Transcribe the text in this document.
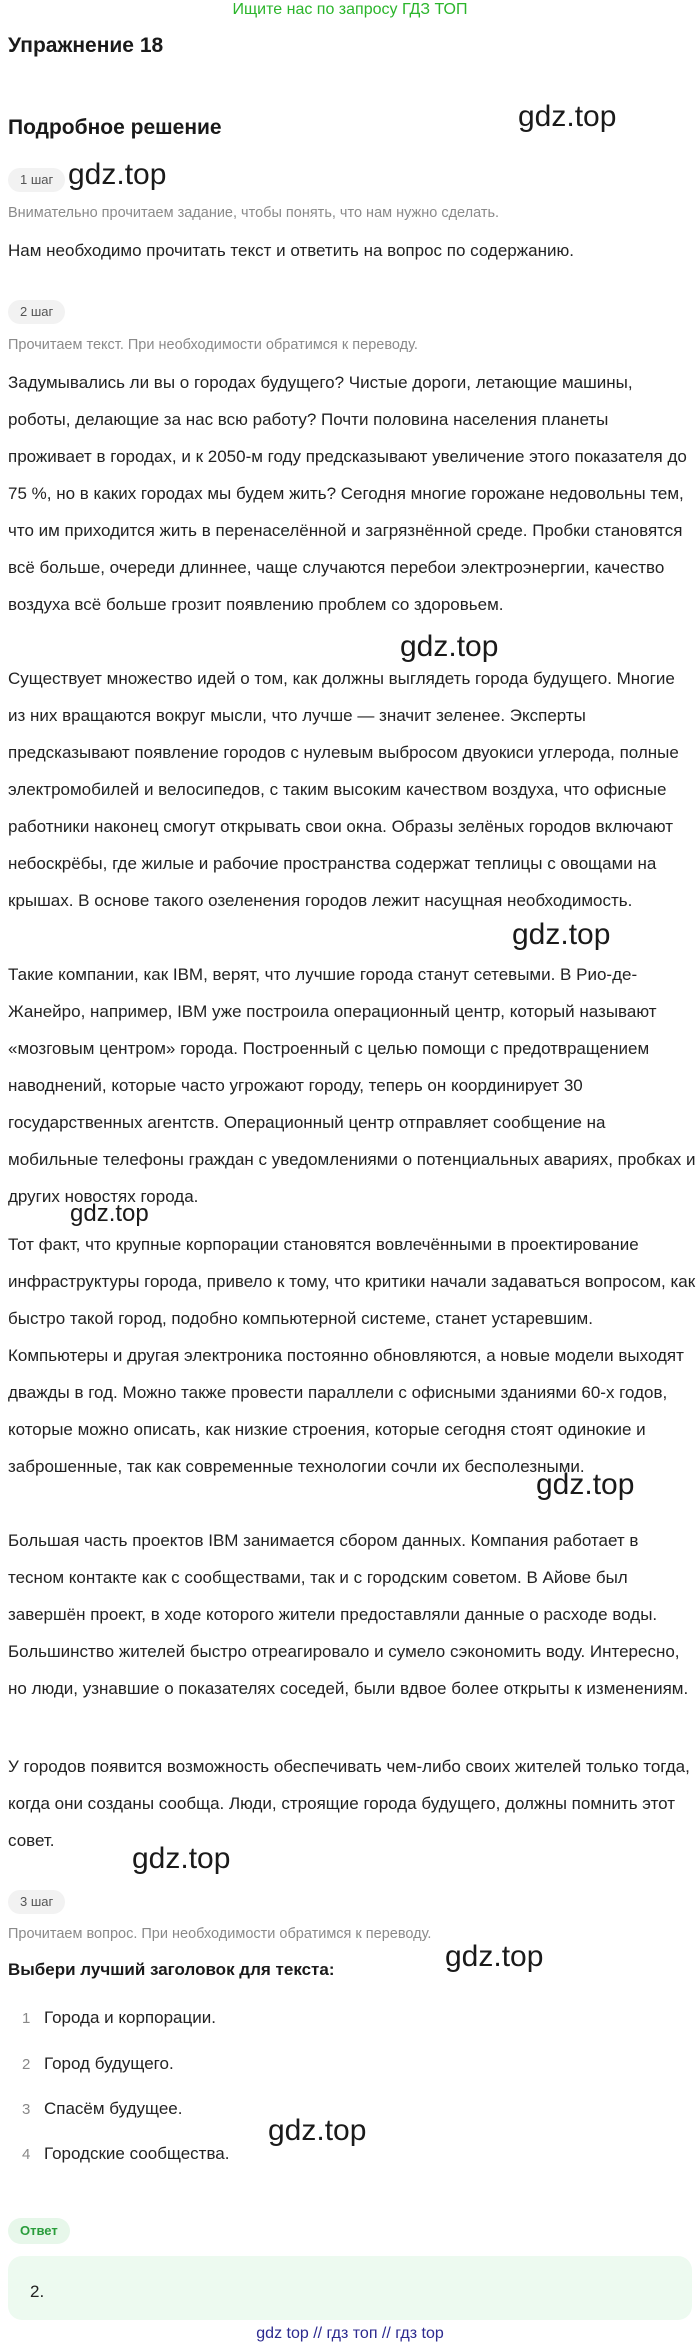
Ищите нас по запросу ГДЗ ТОП
Упражнение 18
Подробное решение	gdz.top
gdz.top
gdz.top
gdz.top
gdz.top
gdz.top
gdz.top
gdz.top
gdz.top
1 шаг
Внимательно прочитаем задание, чтобы понять, что нам нужно сделать.
Нам необходимо прочитать текст и ответить на вопрос по содержанию.
2 шаг
Прочитаем текст. При необходимости обратимся к переводу.

Задумывались ли вы о городах будущего? Чистые дороги, летающие машины, роботы, делающие за нас всю работу? Почти половина населения планеты проживает в городах, и к 2050-м году предсказывают увеличение этого показателя до 75 %, но в каких городах мы будем жить? Сегодня многие горожане недовольны тем, что им приходится жить в перенаселённой и загрязнённой среде. Пробки становятся всё больше, очереди длиннее, чаще случаются перебои электроэнергии, качество воздуха всё больше грозит появлению проблем со здоровьем.

Существует множество идей о том, как должны выглядеть города будущего. Многие из них вращаются вокруг мысли, что лучше — значит зеленее. Эксперты предсказывают появление городов с нулевым выбросом двуокиси углерода, полные электромобилей и велосипедов, с таким высоким качеством воздуха, что офисные работники наконец смогут открывать свои окна. Образы зелёных городов включают небоскрёбы, где жилые и рабочие пространства содержат теплицы с овощами на крышах. В основе такого озеленения городов лежит насущная необходимость.

Такие компании, как IBM, верят, что лучшие города станут сетевыми. В Рио-де-Жанейро, например, IBM уже построила операционный центр, который называют «мозговым центром» города. Построенный с целью помощи с предотвращением наводнений, которые часто угрожают городу, теперь он координирует 30 государственных агентств. Операционный центр отправляет сообщение на мобильные телефоны граждан с уведомлениями о потенциальных авариях, пробках и других новостях города.

Тот факт, что крупные корпорации становятся вовлечёнными в проектирование инфраструктуры города, привело к тому, что критики начали задаваться вопросом, как быстро такой город, подобно компьютерной системе, станет устаревшим. Компьютеры и другая электроника постоянно обновляются, а новые модели выходят дважды в год. Можно также провести параллели с офисными зданиями 60-х годов, которые можно описать, как низкие строения, которые сегодня стоят одинокие и заброшенные, так как современные технологии сочли их бесполезными.

Большая часть проектов IBM занимается сбором данных. Компания работает в тесном контакте как с сообществами, так и с городским советом. В Айове был завершён проект, в ходе которого жители предоставляли данные о расходе воды. Большинство жителей быстро отреагировало и сумело сэкономить воду. Интересно, но люди, узнавшие о показателях соседей, были вдвое более открыты к изменениям.

У городов появится возможность обеспечивать чем-либо своих жителей только тогда, когда они созданы сообща. Люди, строящие города будущего, должны помнить этот совет.

3 шаг
Прочитаем вопрос. При необходимости обратимся к переводу.
Выбери лучший заголовок для текста:
1 Города и корпорации.
2 Город будущего.
3 Спасём будущее.
4 Городские сообщества.
Ответ
2.
gdz top // гдз топ // гдз top
